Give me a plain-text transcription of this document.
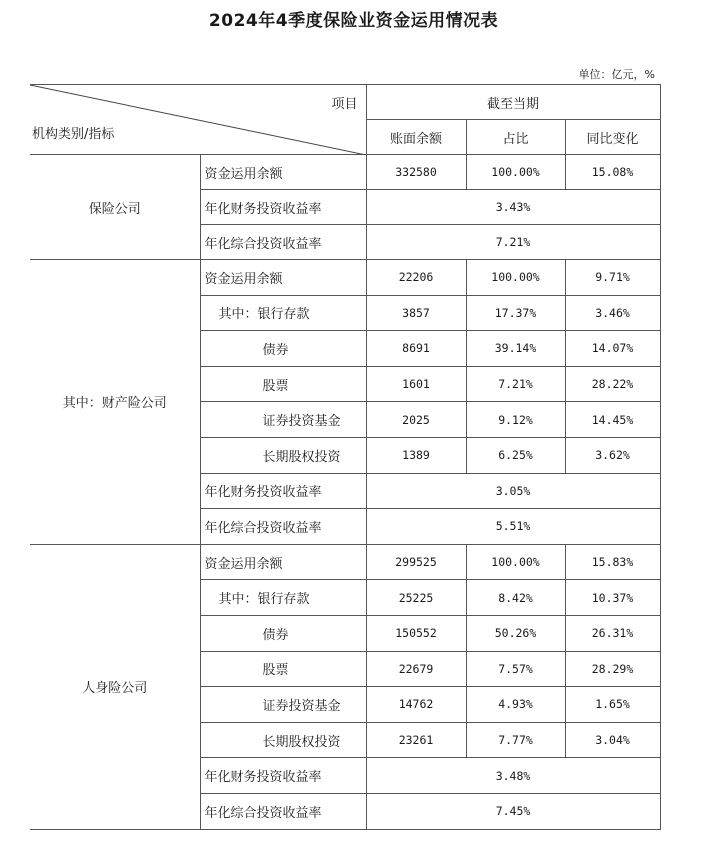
2024年4季度保险业资金运用情况表
单位：亿元，%
项目
机构类别/指标		截至当期		
		账面余额	占比	同比变化
保险公司	资金运用余额	332580	100.00%	15.08%
	年化财务投资收益率	3.43%		
	年化综合投资收益率	7.21%		
其中：财产险公司	资金运用余额	22206	100.00%	9.71%
	其中：银行存款	3857	17.37%	3.46%
	债券	8691	39.14%	14.07%
	股票	1601	7.21%	28.22%
	证券投资基金	2025	9.12%	14.45%
	长期股权投资	1389	6.25%	3.62%
	年化财务投资收益率	3.05%		
	年化综合投资收益率	5.51%		
人身险公司	资金运用余额	299525	100.00%	15.83%
	其中：银行存款	25225	8.42%	10.37%
	债券	150552	50.26%	26.31%
	股票	22679	7.57%	28.29%
	证券投资基金	14762	4.93%	1.65%
	长期股权投资	23261	7.77%	3.04%
	年化财务投资收益率	3.48%		
	年化综合投资收益率	7.45%		
